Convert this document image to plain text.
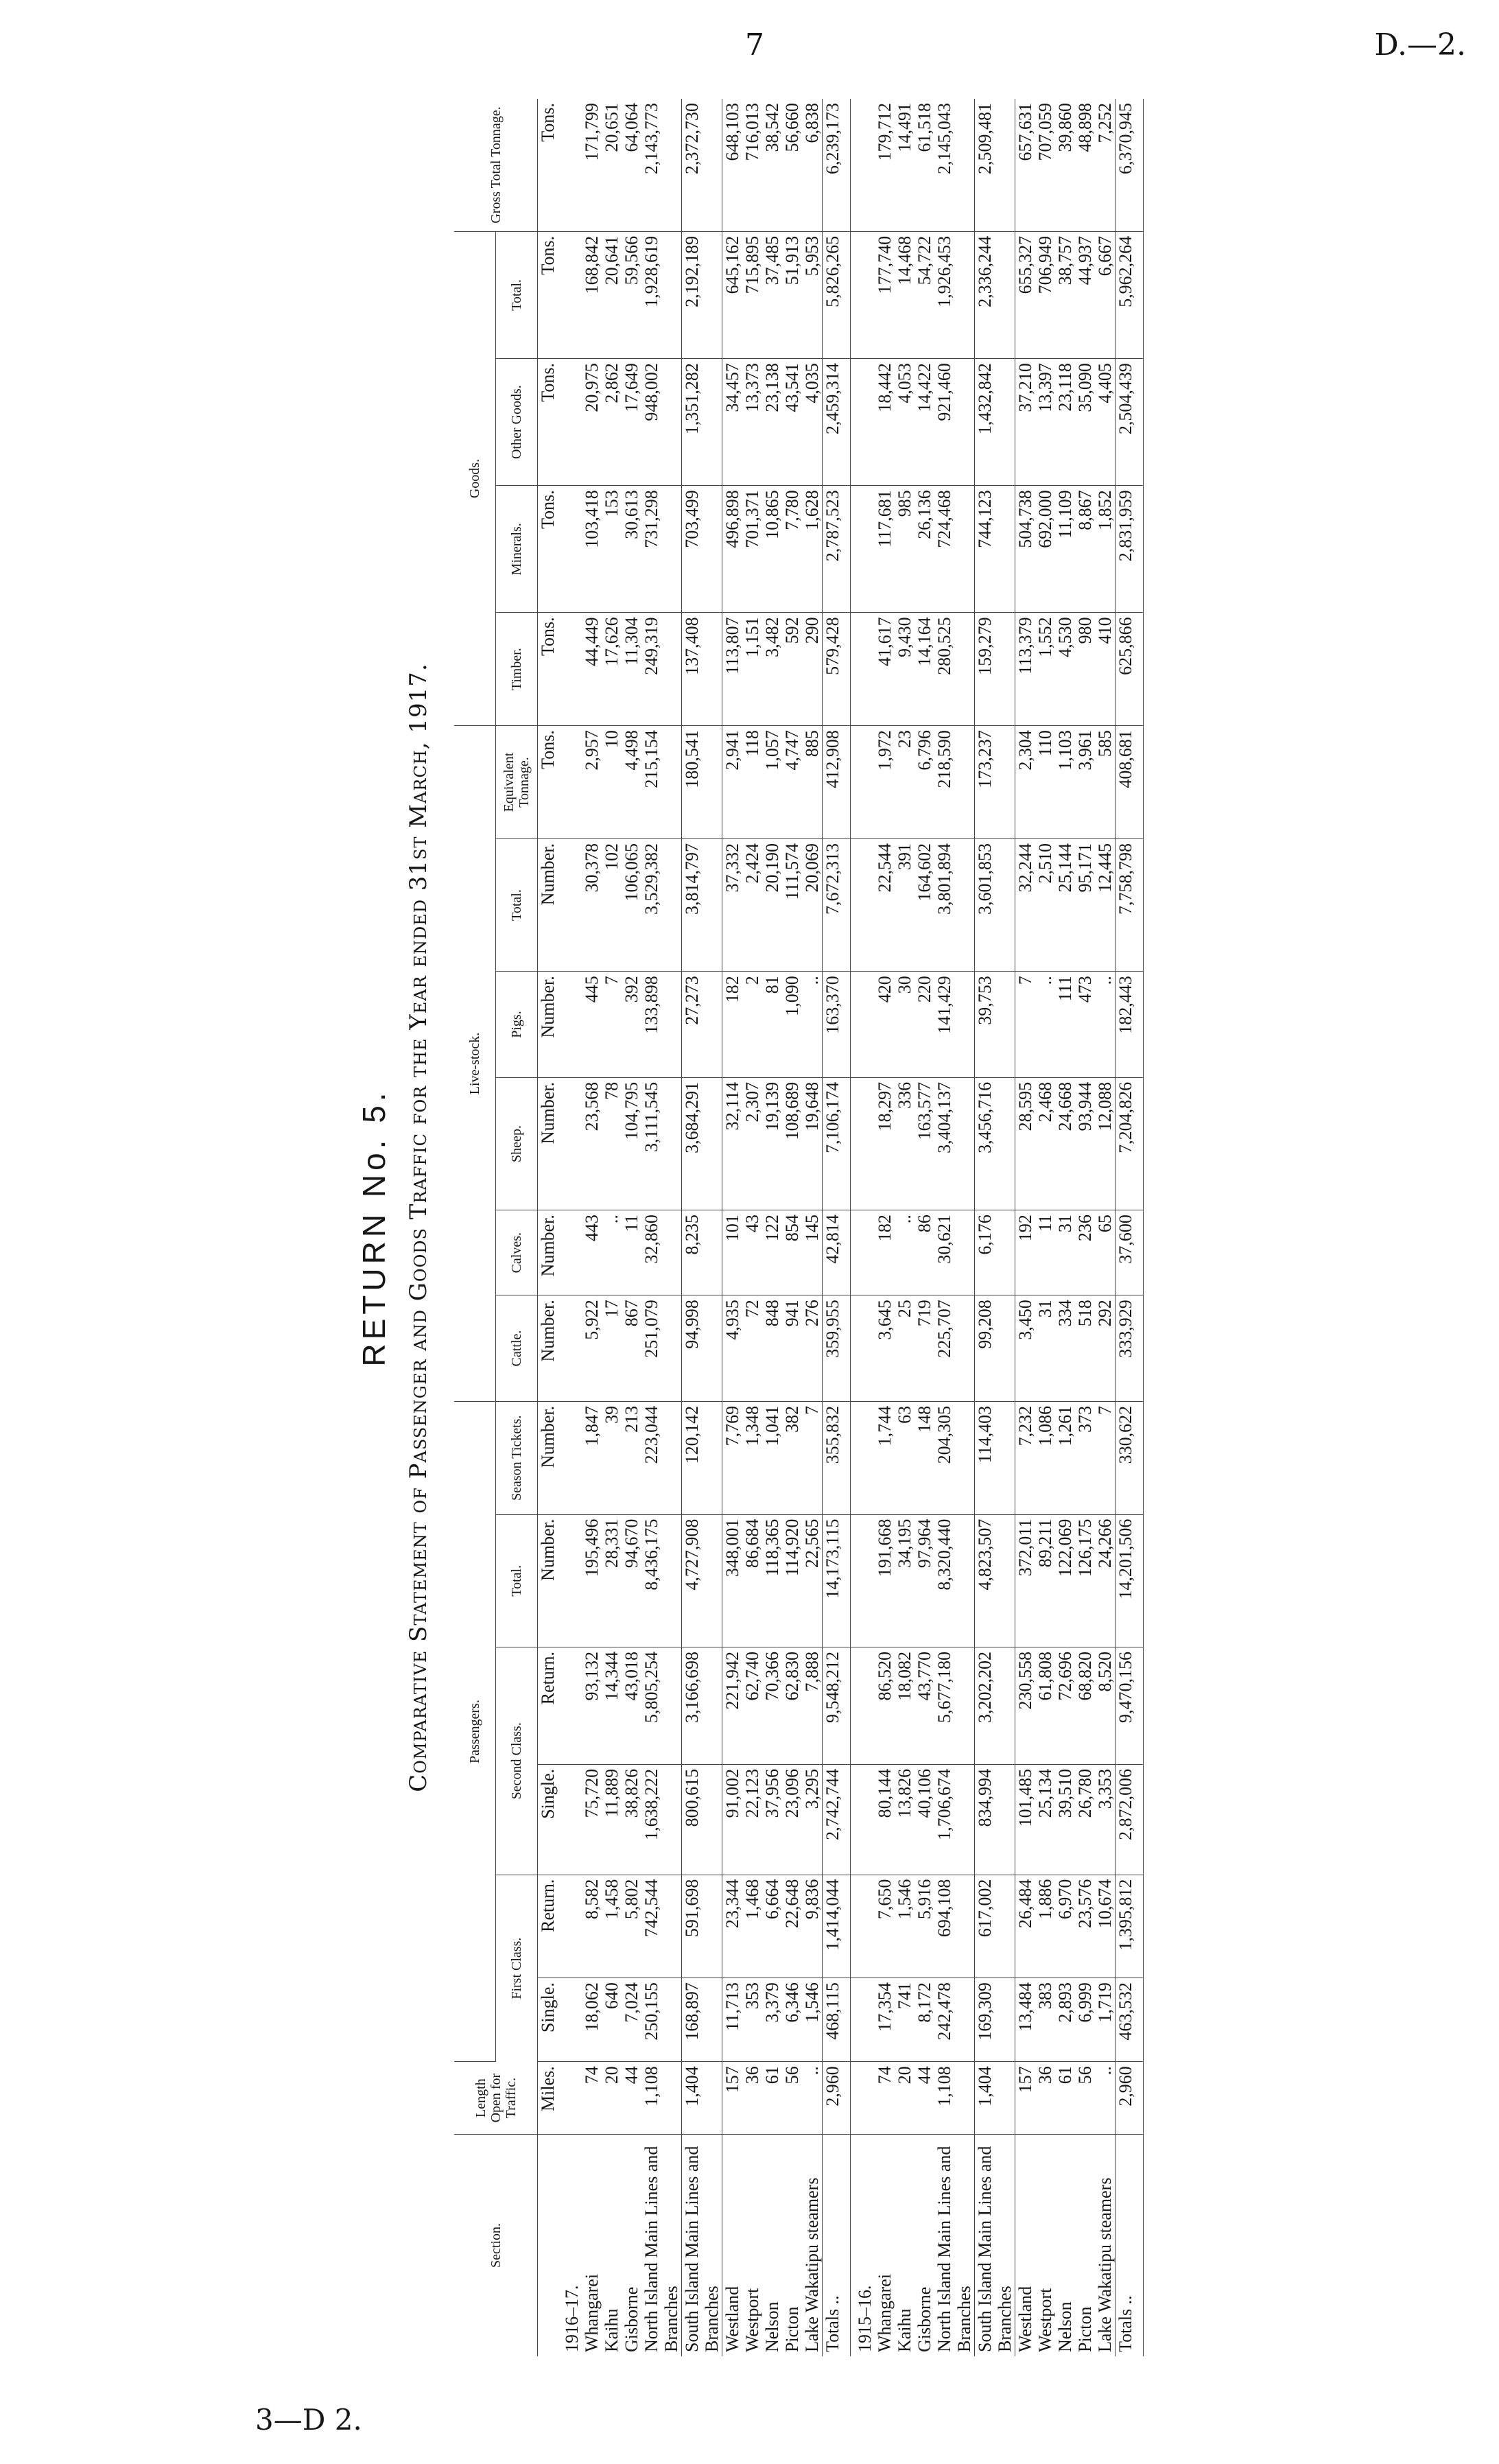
7	D.—2.
3—D 2.
RETURN No. 5. Comparative Statement of Passenger and Goods Traffic for the Year ended 31st March, 1917.
Section.	Length Open for Traffic.	Passengers.						Live-stock.						Goods.				Gross Total Tonnage.
		First Class.		Second Class.		Total.	Season Tickets.	Cattle.	Calves.	Sheep.	Pigs.	Total.	Equivalent Tonnage.	Timber.	Minerals.	Other Goods.	Total.	

	Miles.	Single.	Return.	Single.	Return.	Number.	Number.	Number.	Number.	Number.	Number.	Number.	Tons.	Tons.	Tons.	Tons.	Tons.	Tons.
1916–17.																		
Whangarei	74	18,062	8,582	75,720	93,132	195,496	1,847	5,922	443	23,568	445	30,378	2,957	44,449	103,418	20,975	168,842	171,799
Kaihu	20	640	1,458	11,889	14,344	28,331	39	17	..	78	7	102	10	17,626	153	2,862	20,641	20,651
Gisborne	44	7,024	5,802	38,826	43,018	94,670	213	867	11	104,795	392	106,065	4,498	11,304	30,613	17,649	59,566	64,064
North Island Main Lines and Branches	1,108	250,155	742,544	1,638,222	5,805,254	8,436,175	223,044	251,079	32,860	3,111,545	133,898	3,529,382	215,154	249,319	731,298	948,002	1,928,619	2,143,773
South Island Main Lines and Branches	1,404	168,897	591,698	800,615	3,166,698	4,727,908	120,142	94,998	8,235	3,684,291	27,273	3,814,797	180,541	137,408	703,499	1,351,282	2,192,189	2,372,730
Westland	157	11,713	23,344	91,002	221,942	348,001	7,769	4,935	101	32,114	182	37,332	2,941	113,807	496,898	34,457	645,162	648,103
Westport	36	353	1,468	22,123	62,740	86,684	1,348	72	43	2,307	2	2,424	118	1,151	701,371	13,373	715,895	716,013
Nelson	61	3,379	6,664	37,956	70,366	118,365	1,041	848	122	19,139	81	20,190	1,057	3,482	10,865	23,138	37,485	38,542
Picton	56	6,346	22,648	23,096	62,830	114,920	382	941	854	108,689	1,090	111,574	4,747	592	7,780	43,541	51,913	56,660
Lake Wakatipu steamers	..	1,546	9,836	3,295	7,888	22,565	7	276	145	19,648	..	20,069	885	290	1,628	4,035	5,953	6,838
Totals ..	2,960	468,115	1,414,044	2,742,744	9,548,212	14,173,115	355,832	359,955	42,814	7,106,174	163,370	7,672,313	412,908	579,428	2,787,523	2,459,314	5,826,265	6,239,173
1915–16.																		
Whangarei	74	17,354	7,650	80,144	86,520	191,668	1,744	3,645	182	18,297	420	22,544	1,972	41,617	117,681	18,442	177,740	179,712
Kaihu	20	741	1,546	13,826	18,082	34,195	63	25	..	336	30	391	23	9,430	985	4,053	14,468	14,491
Gisborne	44	8,172	5,916	40,106	43,770	97,964	148	719	86	163,577	220	164,602	6,796	14,164	26,136	14,422	54,722	61,518
North Island Main Lines and Branches	1,108	242,478	694,108	1,706,674	5,677,180	8,320,440	204,305	225,707	30,621	3,404,137	141,429	3,801,894	218,590	280,525	724,468	921,460	1,926,453	2,145,043
South Island Main Lines and Branches	1,404	169,309	617,002	834,994	3,202,202	4,823,507	114,403	99,208	6,176	3,456,716	39,753	3,601,853	173,237	159,279	744,123	1,432,842	2,336,244	2,509,481
Westland	157	13,484	26,484	101,485	230,558	372,011	7,232	3,450	192	28,595	7	32,244	2,304	113,379	504,738	37,210	655,327	657,631
Westport	36	383	1,886	25,134	61,808	89,211	1,086	31	11	2,468	..	2,510	110	1,552	692,000	13,397	706,949	707,059
Nelson	61	2,893	6,970	39,510	72,696	122,069	1,261	334	31	24,668	111	25,144	1,103	4,530	11,109	23,118	38,757	39,860
Picton	56	6,999	23,576	26,780	68,820	126,175	373	518	236	93,944	473	95,171	3,961	980	8,867	35,090	44,937	48,898
Lake Wakatipu steamers	..	1,719	10,674	3,353	8,520	24,266	7	292	65	12,088	..	12,445	585	410	1,852	4,405	6,667	7,252
Totals ..	2,960	463,532	1,395,812	2,872,006	9,470,156	14,201,506	330,622	333,929	37,600	7,204,826	182,443	7,758,798	408,681	625,866	2,831,959	2,504,439	5,962,264	6,370,945
